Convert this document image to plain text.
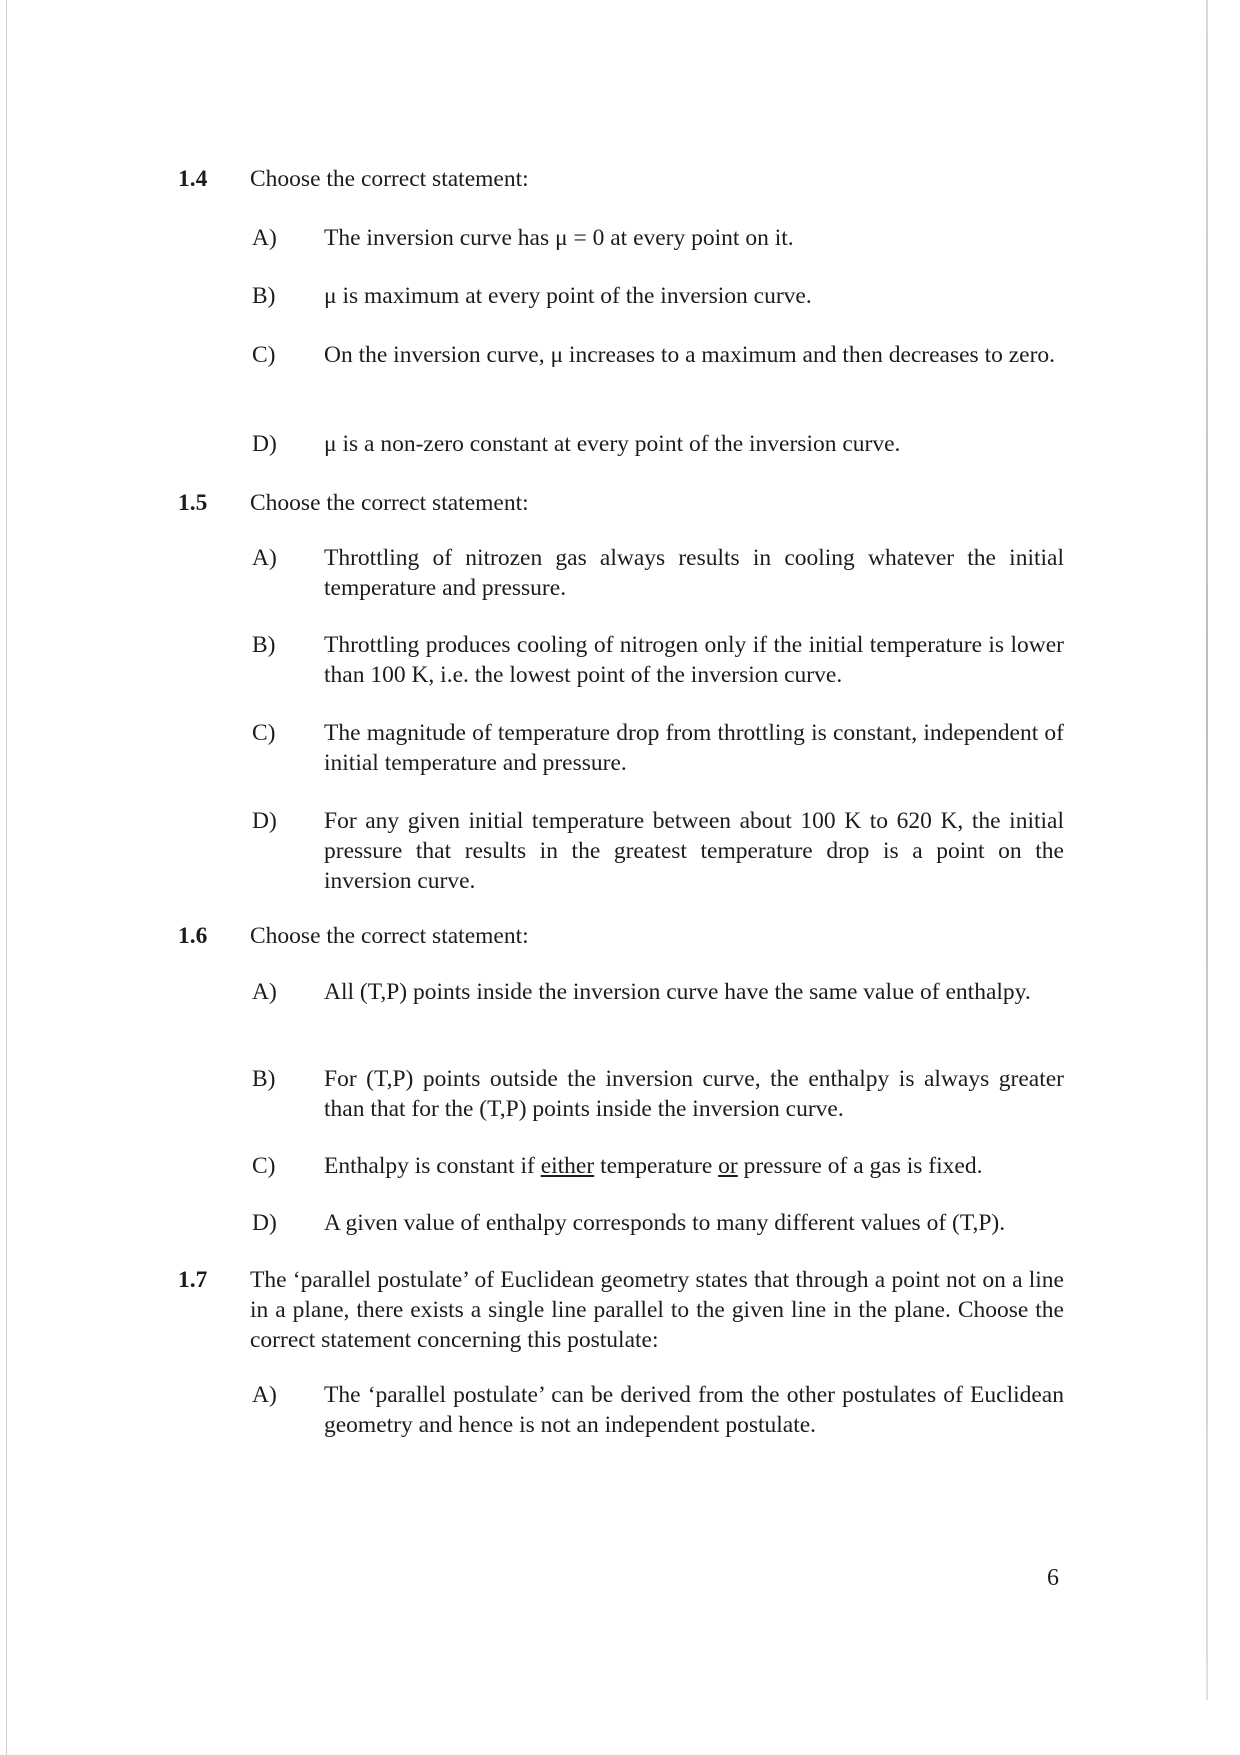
1.4 Choose the correct statement:
A) The inversion curve has μ = 0 at every point on it.
B) μ is maximum at every point of the inversion curve.
C) On the inversion curve, μ increases to a maximum and then decreases to zero.
D) μ is a non-zero constant at every point of the inversion curve.
1.5 Choose the correct statement:
A) Throttling of nitrozen gas always results in cooling whatever the initial temperature and pressure.
B) Throttling produces cooling of nitrogen only if the initial temperature is lower than 100 K, i.e. the lowest point of the inversion curve.
C) The magnitude of temperature drop from throttling is constant, independent of initial temperature and pressure.
D) For any given initial temperature between about 100 K to 620 K, the initial pressure that results in the greatest temperature drop is a point on the inversion curve.
1.6 Choose the correct statement:
A) All (T,P) points inside the inversion curve have the same value of enthalpy.
B) For (T,P) points outside the inversion curve, the enthalpy is always greater than that for the (T,P) points inside the inversion curve.
C) Enthalpy is constant if either temperature or pressure of a gas is fixed.
D) A given value of enthalpy corresponds to many different values of (T,P).
1.7 The ‘parallel postulate’ of Euclidean geometry states that through a point not on a line in a plane, there exists a single line parallel to the given line in the plane. Choose the correct statement concerning this postulate:
A) The ‘parallel postulate’ can be derived from the other postulates of Euclidean geometry and hence is not an independent postulate.
6
